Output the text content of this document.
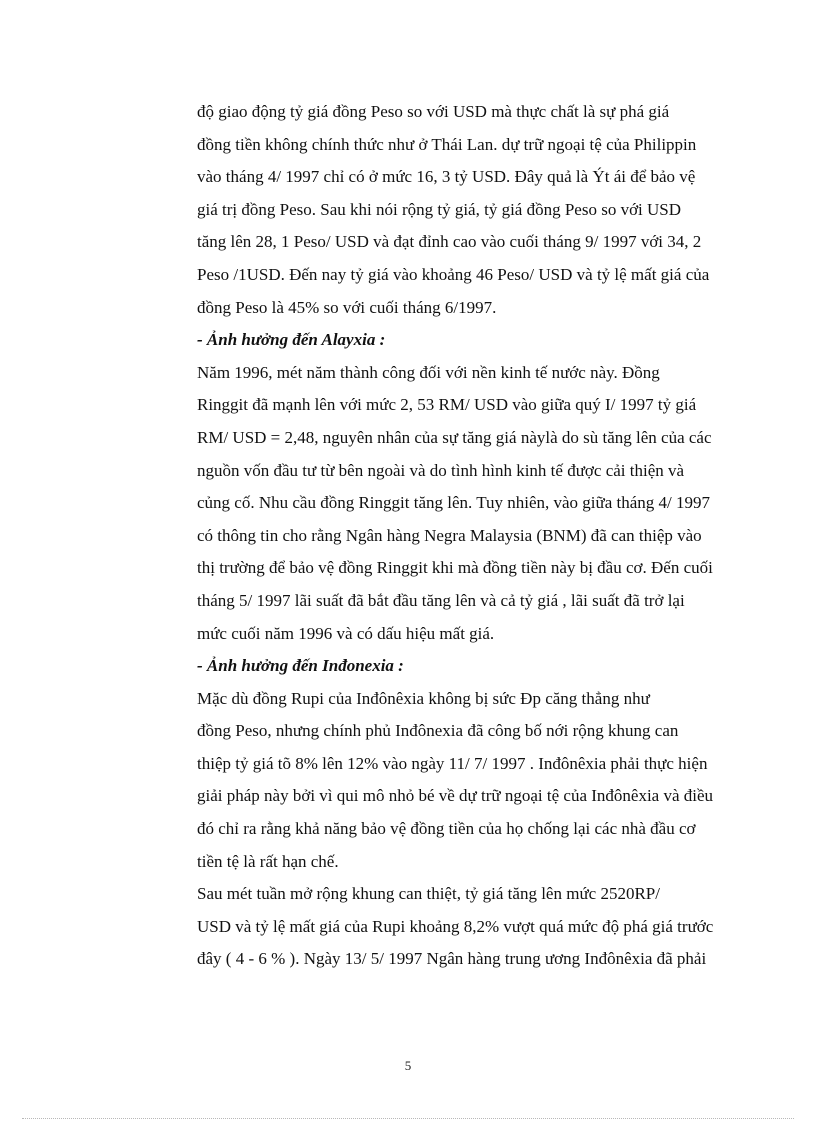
độ giao động tỷ giá đồng Peso so với USD mà thực chất là sự phá giá
đồng tiền không chính thức như ở Thái Lan. dự trữ ngoại tệ của Philippin
vào tháng 4/ 1997 chỉ có ở mức 16, 3 tỷ USD. Đây quả là Ýt ái để bảo vệ
giá trị đồng Peso. Sau khi nói rộng tỷ giá, tỷ giá đồng Peso so với USD
tăng lên 28, 1 Peso/ USD và đạt đỉnh cao vào cuối tháng 9/ 1997 với 34, 2
Peso /1USD. Đến nay tỷ giá vào khoảng 46 Peso/ USD và tỷ lệ mất giá của
đồng Peso là 45% so với cuối tháng 6/1997.

- Ảnh hưởng đến Alayxia :

Năm 1996, mét năm thành công đối với nền kinh tế nước này. Đồng
Ringgit đã mạnh lên với mức 2, 53 RM/ USD vào giữa quý I/ 1997 tỷ giá
RM/ USD = 2,48, nguyên nhân của sự tăng giá nàylà do sù tăng lên của các
nguồn vốn đầu tư từ bên ngoài và do tình hình kinh tế được cải thiện và
củng cố. Nhu cầu đồng Ringgit tăng lên. Tuy nhiên, vào giữa tháng 4/ 1997
có thông tin cho rằng Ngân hàng Negra Malaysia (BNM) đã can thiệp vào
thị trường để bảo vệ đồng Ringgit khi mà đồng tiền này bị đầu cơ. Đến cuối
tháng 5/ 1997 lãi suất đã bắt đầu tăng lên và cả tỷ giá , lãi suất đã trở lại
mức cuối năm 1996 và có dấu hiệu mất giá.

- Ảnh hưởng đến Inđonexia :

Mặc dù đồng Rupi của Inđônêxia không bị sức Ðp căng thẳng như
đồng Peso, nhưng chính phủ Inđônexia đã công bố nới rộng khung can
thiệp tỷ giá tõ 8% lên 12% vào ngày 11/ 7/ 1997 . Inđônêxia phải thực hiện
giải pháp này bởi vì qui mô nhỏ bé về dự trữ ngoại tệ của Inđônêxia và điều
đó chỉ ra rằng khả năng bảo vệ đồng tiền của họ chống lại các nhà đầu cơ
tiền tệ là rất hạn chế.

Sau mét tuần mở rộng khung can thiệt, tỷ giá tăng lên mức 2520RP/
USD và tỷ lệ mất giá của Rupi khoảng 8,2% vượt quá mức độ phá giá trước
đây ( 4 - 6 % ). Ngày 13/ 5/ 1997 Ngân hàng trung ương Inđônêxia đã phải

5
